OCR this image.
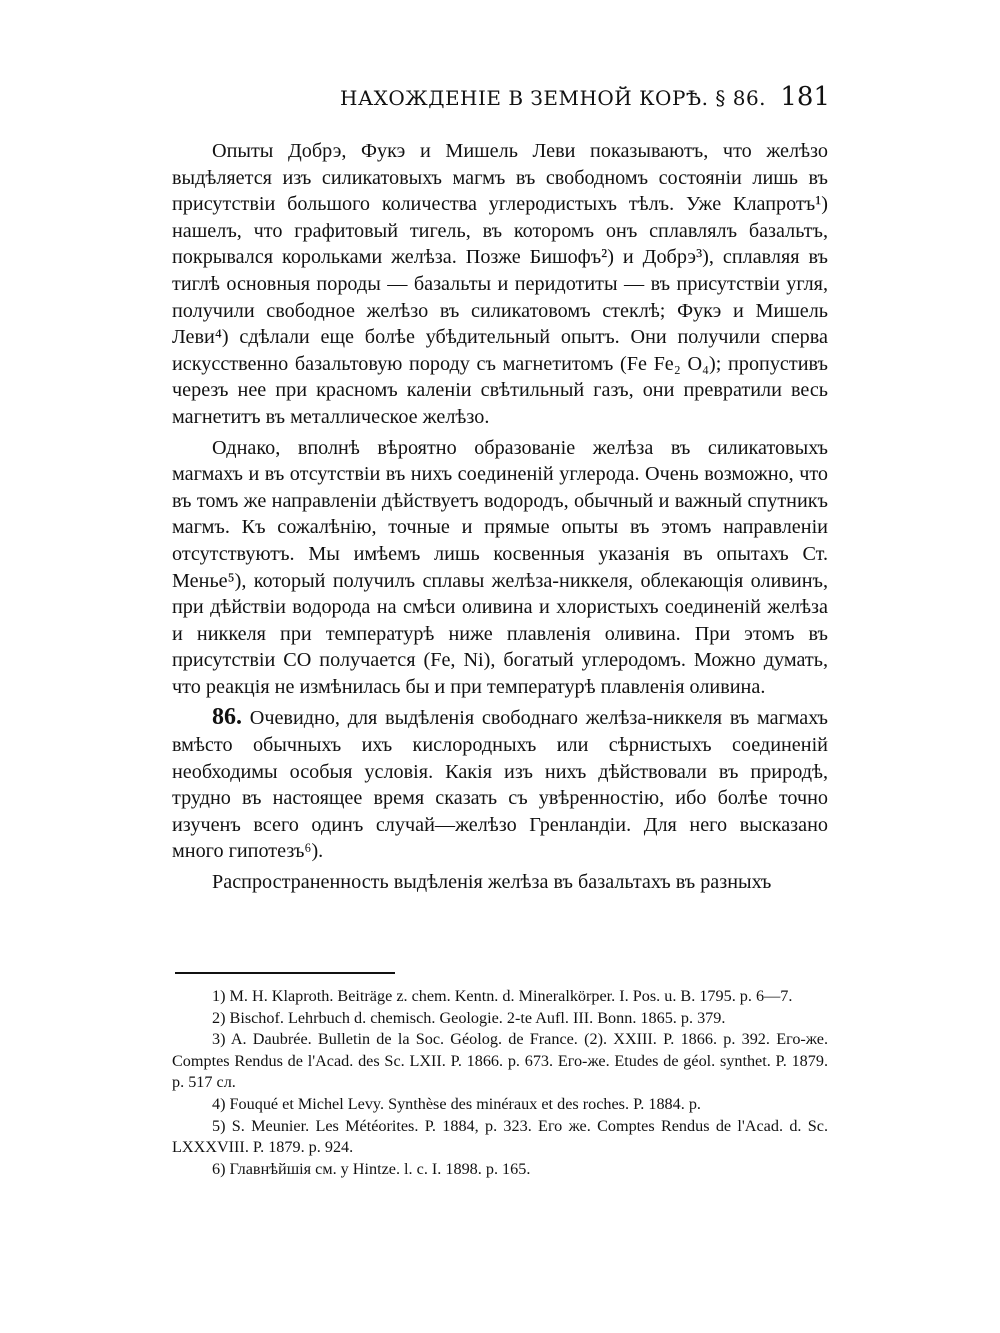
НАХОЖДЕНІЕ В ЗЕМНОЙ КОРѢ. § 86. 181

Опыты Добрэ, Фукэ и Мишель Леви показываютъ, что желѣзо выдѣляется изъ силикатовыхъ магмъ въ свободномъ состояніи лишь въ присутствіи большого количества углеродистыхъ тѣлъ. Уже Клапротъ¹) нашелъ, что графитовый тигель, въ которомъ онъ сплавлялъ базальтъ, покрывался корольками желѣза. Позже Бишофъ²) и Добрэ³), сплавляя въ тиглѣ основныя породы — базальты и перидотиты — въ присутствіи угля, получили свободное желѣзо въ силикатовомъ стеклѣ; Фукэ и Мишель Леви⁴) сдѣлали еще болѣе убѣдительный опытъ. Они получили сперва искусственно базальтовую породу съ магнетитомъ (Fe Fe₂ O₄); пропустивъ черезъ нее при красномъ каленіи свѣтильный газъ, они превратили весь магнетитъ въ металлическое желѣзо.

Однако, вполнѣ вѣроятно образованіе желѣза въ силикатовыхъ магмахъ и въ отсутствіи въ нихъ соединеній углерода. Очень возможно, что въ томъ же направленіи дѣйствуетъ водородъ, обычный и важный спутникъ магмъ. Къ сожалѣнію, точные и прямые опыты въ этомъ направленіи отсутствуютъ. Мы имѣемъ лишь косвенныя указанія въ опытахъ Ст. Менье⁵), который получилъ сплавы желѣза-никкеля, облекающія оливинъ, при дѣйствіи водорода на смѣси оливина и хлористыхъ соединеній желѣза и никкеля при температурѣ ниже плавленія оливина. При этомъ въ присутствіи CO получается (Fe, Ni), богатый углеродомъ. Можно думать, что реакція не измѣнилась бы и при температурѣ плавленія оливина.

86. Очевидно, для выдѣленія свободнаго желѣза-никкеля въ магмахъ вмѣсто обычныхъ ихъ кислородныхъ или сѣрнистыхъ соединеній необходимы особыя условія. Какія изъ нихъ дѣйствовали въ природѣ, трудно въ настоящее время сказать съ увѣренностію, ибо болѣе точно изученъ всего одинъ случай—желѣзо Гренландіи. Для него высказано много гипотезъ⁶).

Распространенность выдѣленія желѣза въ базальтахъ въ разныхъ

1) M. H. Klaproth. Beiträge z. chem. Kentn. d. Mineralkörper. I. Pos. u. B. 1795. p. 6—7.

2) Bischof. Lehrbuch d. chemisch. Geologie. 2-te Aufl. III. Bonn. 1865. p. 379.

3) A. Daubrée. Bulletin de la Soc. Géolog. de France. (2). XXIII. P. 1866. p. 392. Его-же. Comptes Rendus de l'Acad. des Sc. LXII. P. 1866. p. 673. Его-же. Etudes de géol. synthet. P. 1879. p. 517 сл.

4) Fouqué et Michel Levy. Synthèse des minéraux et des roches. P. 1884. p.

5) S. Meunier. Les Météorites. P. 1884, p. 323. Его же. Comptes Rendus de l'Acad. d. Sc. LXXXVIII. P. 1879. p. 924.

6) Главнѣйшія см. у Hintze. l. c. I. 1898. p. 165.
